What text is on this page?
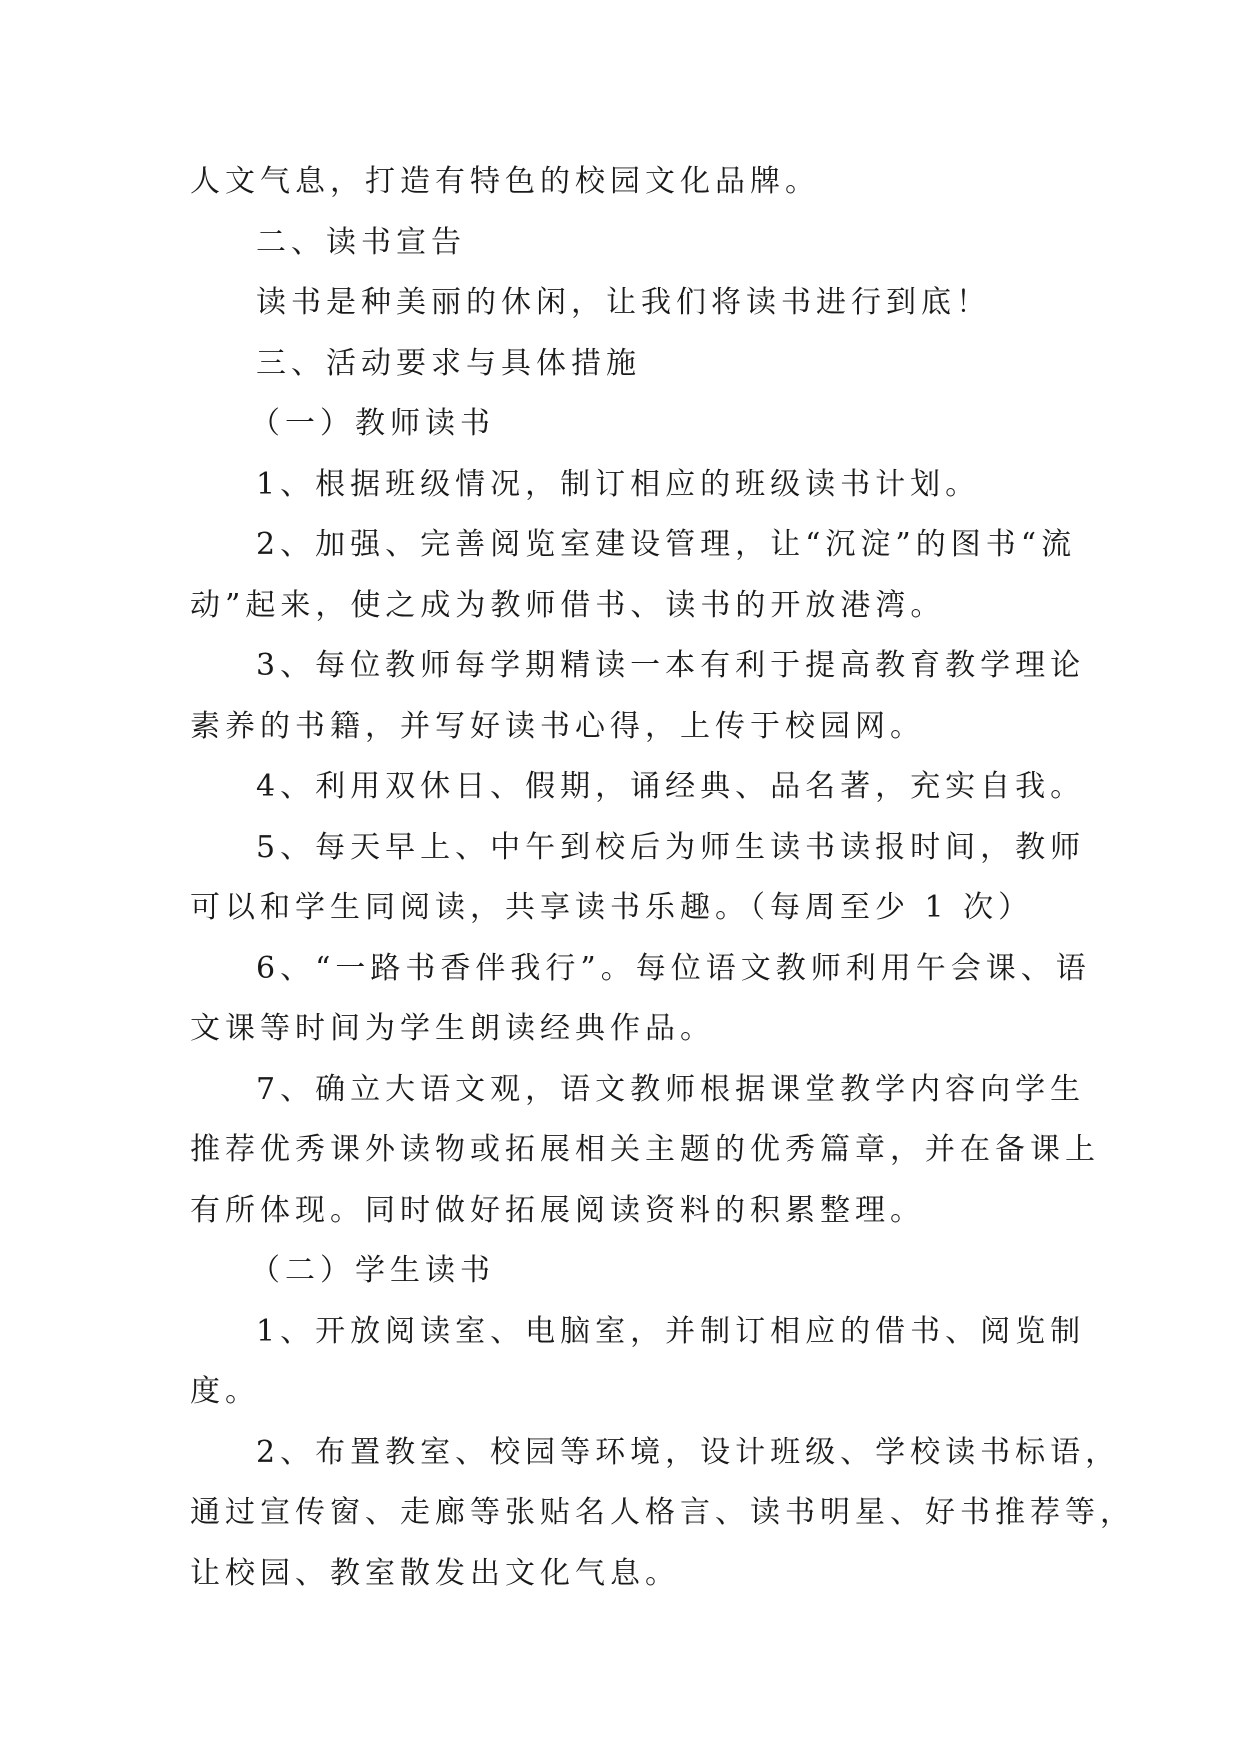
人文气息，打造有特色的校园文化品牌。

二、读书宣告

读书是种美丽的休闲，让我们将读书进行到底！

三、活动要求与具体措施

（一）教师读书

1、根据班级情况，制订相应的班级读书计划。

2、加强、完善阅览室建设管理，让“沉淀”的图书“流

动”起来，使之成为教师借书、读书的开放港湾。

3、每位教师每学期精读一本有利于提高教育教学理论

素养的书籍，并写好读书心得，上传于校园网。

4、利用双休日、假期，诵经典、品名著，充实自我。

5、每天早上、中午到校后为师生读书读报时间，教师

可以和学生同阅读，共享读书乐趣。（每周至少 1 次）

6、“一路书香伴我行”。每位语文教师利用午会课、语

文课等时间为学生朗读经典作品。

7、确立大语文观，语文教师根据课堂教学内容向学生

推荐优秀课外读物或拓展相关主题的优秀篇章，并在备课上

有所体现。同时做好拓展阅读资料的积累整理。

（二）学生读书

1、开放阅读室、电脑室，并制订相应的借书、阅览制

度。

2、布置教室、校园等环境，设计班级、学校读书标语，

通过宣传窗、走廊等张贴名人格言、读书明星、好书推荐等，

让校园、教室散发出文化气息。
